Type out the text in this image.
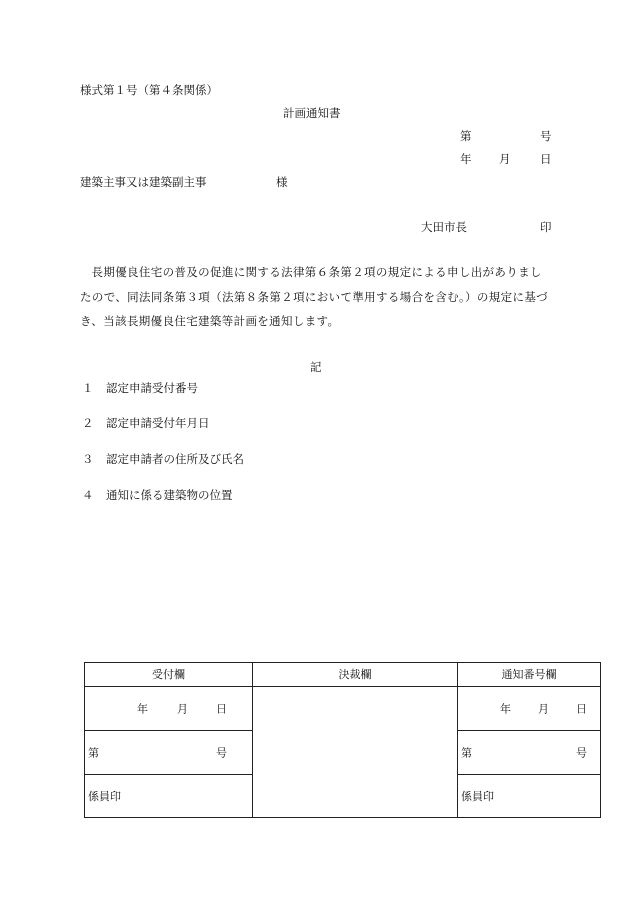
様式第１号（第４条関係）
計画通知書
第	号
年 月	日
建築主事又は建築副主事	様
大田市長	印
長期優良住宅の普及の促進に関する法律第６条第２項の規定による申し出がありましたので、同法同条第３項（法第８条第２項において準用する場合を含む。）の規定に基づき、当該長期優良住宅建築等計画を通知します。
記
１ 認定申請受付番号
２ 認定申請受付年月日
３ 認定申請者の住所及び氏名
４ 通知に係る建築物の位置
受付欄	決裁欄	通知番号欄

年 月 日		年 月 日

第 号		第 号

係員印		係員印
